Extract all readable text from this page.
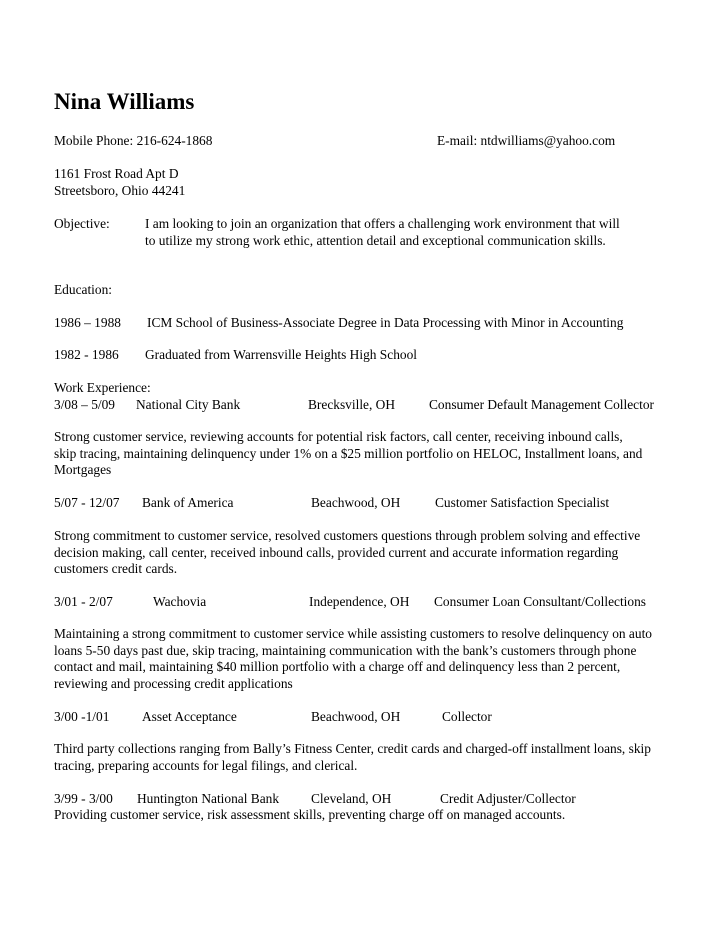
Nina Williams
Mobile Phone: 216-624-1868	E-mail: ntdwilliams@yahoo.com
1161 Frost Road Apt D
Streetsboro, Ohio 44241
Objective:	I am looking to join an organization that offers a challenging work environment that will
to utilize my strong work ethic, attention detail and exceptional communication skills.
Education:
1986 – 1988 ICM School of Business-Associate Degree in Data Processing with Minor in Accounting
1982 - 1986 Graduated from Warrensville Heights High School
Work Experience:
3/08 – 5/09 National City Bank	Brecksville, OH	Consumer Default Management Collector
Strong customer service, reviewing accounts for potential risk factors, call center, receiving inbound calls,
skip tracing, maintaining delinquency under 1% on a $25 million portfolio on HELOC, Installment loans, and
Mortgages
5/07 - 12/07 Bank of America	Beachwood, OH	Customer Satisfaction Specialist
Strong commitment to customer service, resolved customers questions through problem solving and effective
decision making, call center, received inbound calls, provided current and accurate information regarding
customers credit cards.
3/01 - 2/07	Wachovia	Independence, OH Consumer Loan Consultant/Collections
Maintaining a strong commitment to customer service while assisting customers to resolve delinquency on auto
loans 5-50 days past due, skip tracing, maintaining communication with the bank’s customers through phone
contact and mail, maintaining $40 million portfolio with a charge off and delinquency less than 2 percent,
reviewing and processing credit applications
3/00 -1/01 Asset Acceptance	Beachwood, OH	Collector
Third party collections ranging from Bally’s Fitness Center, credit cards and charged-off installment loans, skip
tracing, preparing accounts for legal filings, and clerical.
3/99 - 3/00 Huntington National Bank Cleveland, OH	Credit Adjuster/Collector
Providing customer service, risk assessment skills, preventing charge off on managed accounts.
